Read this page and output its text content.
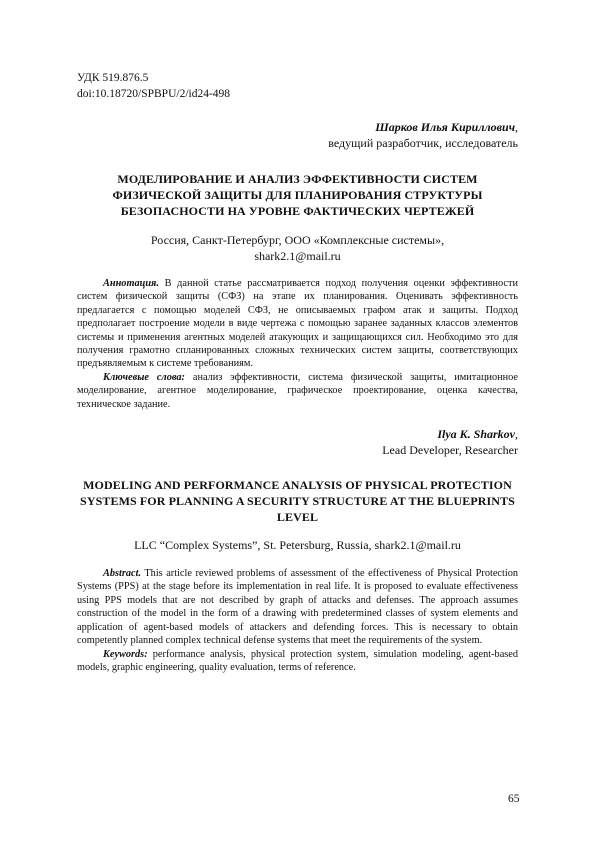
УДК 519.876.5
doi:10.18720/SPBPU/2/id24-498
Шарков Илья Кириллович,
ведущий разработчик, исследователь
МОДЕЛИРОВАНИЕ И АНАЛИЗ ЭФФЕКТИВНОСТИ СИСТЕМ ФИЗИЧЕСКОЙ ЗАЩИТЫ ДЛЯ ПЛАНИРОВАНИЯ СТРУКТУРЫ БЕЗОПАСНОСТИ НА УРОВНЕ ФАКТИЧЕСКИХ ЧЕРТЕЖЕЙ
Россия, Санкт-Петербург, ООО «Комплексные системы»,
shark2.1@mail.ru

Аннотация. В данной статье рассматривается подход получения оценки эффективности систем физической защиты (СФЗ) на этапе их планирования. Оценивать эффективность предлагается с помощью моделей СФЗ, не описываемых графом атак и защиты. Подход предполагает построение модели в виде чертежа с помощью заранее заданных классов элементов системы и применения агентных моделей атакующих и защищающихся сил. Необходимо это для получения грамотно спланированных сложных технических систем защиты, соответствующих предъявляемым к системе требованиям.

Ключевые слова: анализ эффективности, система физической защиты, имитационное моделирование, агентное моделирование, графическое проектирование, оценка качества, техническое задание.

Ilya K. Sharkov,
Lead Developer, Researcher
MODELING AND PERFORMANCE ANALYSIS OF PHYSICAL PROTECTION SYSTEMS FOR PLANNING A SECURITY STRUCTURE AT THE BLUEPRINTS LEVEL
LLC “Complex Systems”, St. Petersburg, Russia, shark2.1@mail.ru

Abstract. This article reviewed problems of assessment of the effectiveness of Physical Protection Systems (PPS) at the stage before its implementation in real life. It is proposed to evaluate effectiveness using PPS models that are not described by graph of attacks and defenses. The approach assumes construction of the model in the form of a drawing with predetermined classes of system elements and application of agent-based models of attackers and defending forces. This is necessary to obtain competently planned complex technical defense systems that meet the requirements of the system.

Keywords: performance analysis, physical protection system, simulation modeling, agent-based models, graphic engineering, quality evaluation, terms of reference.

65
